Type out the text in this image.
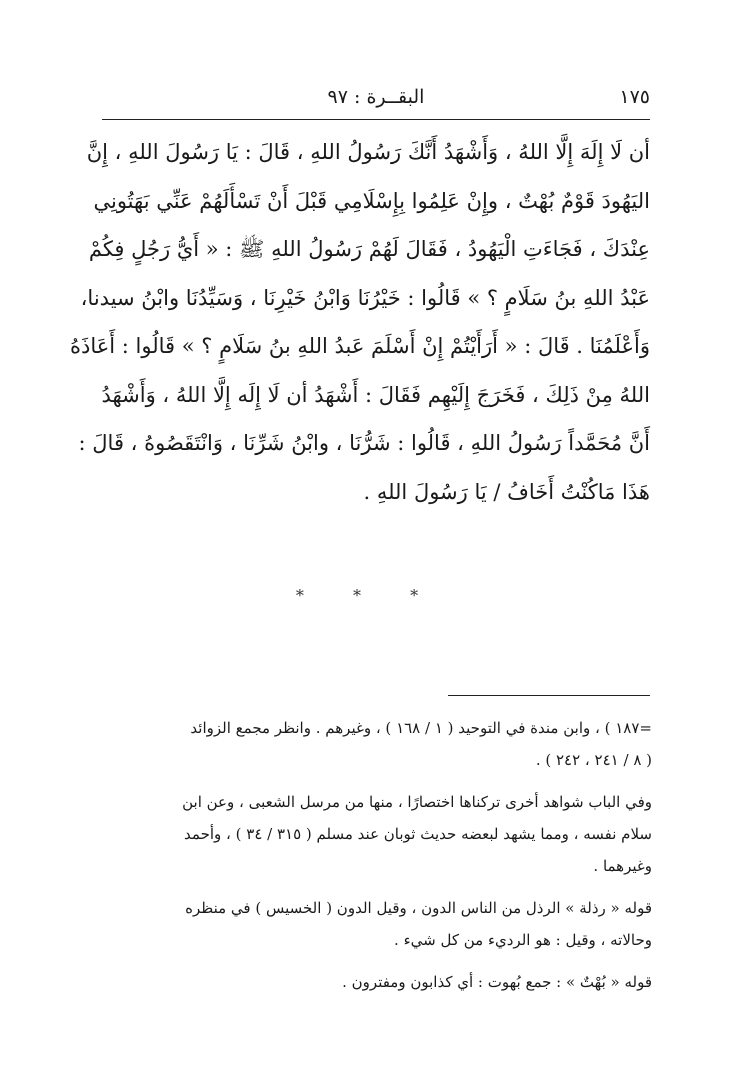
١٧٥
البقــرة : ٩٧
أن لَا إِلَهَ إِلَّا اللهُ ، وَأَشْهَدُ أَنَّكَ رَسُولُ اللهِ ، قَالَ : يَا رَسُولَ اللهِ ، إِنَّ
اليَهُودَ قَوْمٌ بُهْتٌ ، وإِنْ عَلِمُوا بِإِسْلَامِي قَبْلَ أَنْ تَسْأَلَهُمْ عَنِّي بَهَتُونِي
عِنْدَكَ ، فَجَاءَتِ الْيَهُودُ ، فَقَالَ لَهُمْ رَسُولُ اللهِ ﷺ : « أَيُّ رَجُلٍ فِكُمْ
عَبْدُ اللهِ بنُ سَلَامٍ ؟ » قَالُوا : خَيْرُنَا وَابْنُ خَيْرِنَا ، وَسَيِّدُنَا وابْنُ سيدنا،
وَأَعْلَمُنَا . قَالَ : « أَرَأَيْتُمْ إِنْ أَسْلَمَ عَبدُ اللهِ بنُ سَلَامٍ ؟ » قَالُوا : أَعَاذَهُ
اللهُ مِنْ ذَلِكَ ، فَخَرَجَ إِلَيْهِم فَقَالَ : أَشْهَدُ أن لَا إِلَه إِلَّا اللهُ ، وَأَشْهَدُ
أَنَّ مُحَمَّداً رَسُولُ اللهِ ، قَالُوا : شَرُّنَا ، وابْنُ شَرِّنَا ، وَانْتَقَصُوهُ ، قَالَ :
هَذَا مَاكُنْتُ أَخَافُ / يَا رَسُولَ اللهِ .
* * *
=١٨٧ ) ، وابن مندة في التوحيد ( ١ / ١٦٨ ) ، وغيرهم . وانظر مجمع الزوائد
( ٨ / ٢٤١ ، ٢٤٢ ) .
وفي الباب شواهد أخرى تركناها اختصارًا ، منها من مرسل الشعبى ، وعن ابن
سلام نفسه ، ومما يشهد لبعضه حديث ثوبان عند مسلم ( ٣١٥ / ٣٤ ) ، وأحمد
وغيرهما .
قوله « رذلة » الرذل من الناس الدون ، وقيل الدون ( الخسيس ) في منظره
وحالاته ، وقيل : هو الرديء من كل شيء .
قوله « بُهْتٌ » : جمع بُهوت : أي كذابون ومفترون .
